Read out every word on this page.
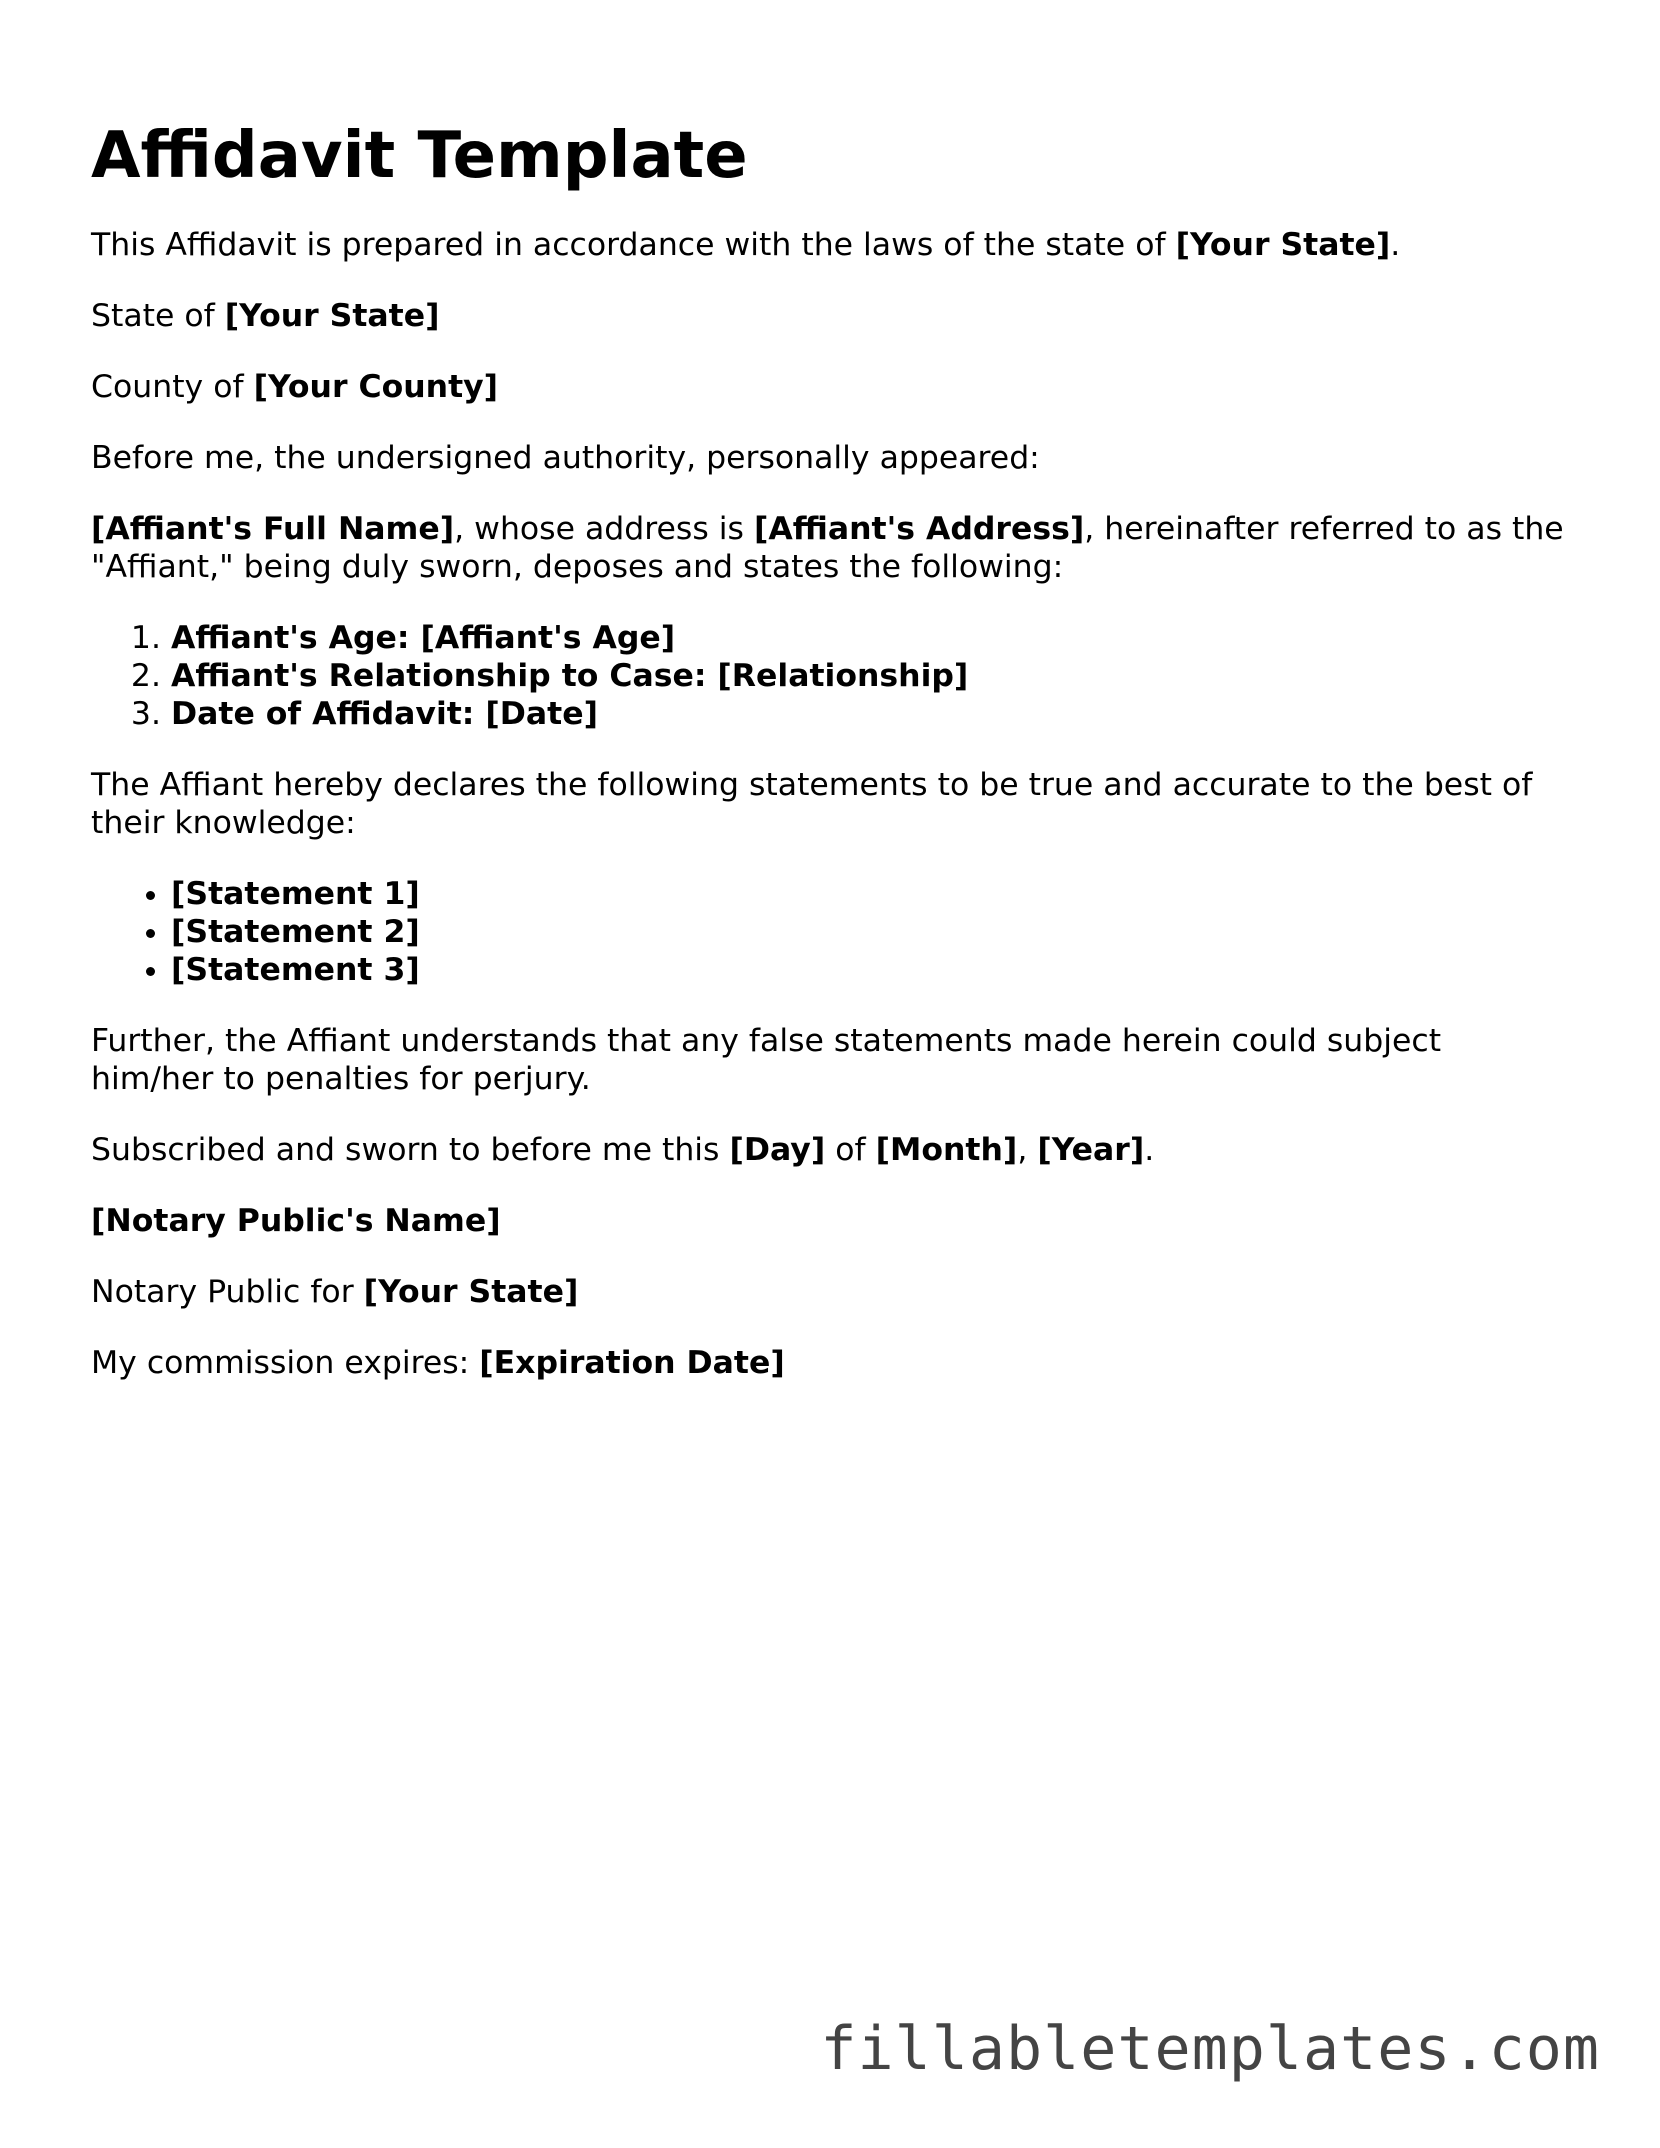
Affidavit Template

This Affidavit is prepared in accordance with the laws of the state of [Your State].

State of [Your State]

County of [Your County]

Before me, the undersigned authority, personally appeared:

[Affiant's Full Name], whose address is [Affiant's Address], hereinafter referred to as the "Affiant," being duly sworn, deposes and states the following:

1. Affiant's Age: [Affiant's Age]
2. Affiant's Relationship to Case: [Relationship]
3. Date of Affidavit: [Date]

The Affiant hereby declares the following statements to be true and accurate to the best of their knowledge:

• [Statement 1]
• [Statement 2]
• [Statement 3]

Further, the Affiant understands that any false statements made herein could subject him/her to penalties for perjury.

Subscribed and sworn to before me this [Day] of [Month], [Year].

[Notary Public's Name]

Notary Public for [Your State]

My commission expires: [Expiration Date]

fillabletemplates.com
